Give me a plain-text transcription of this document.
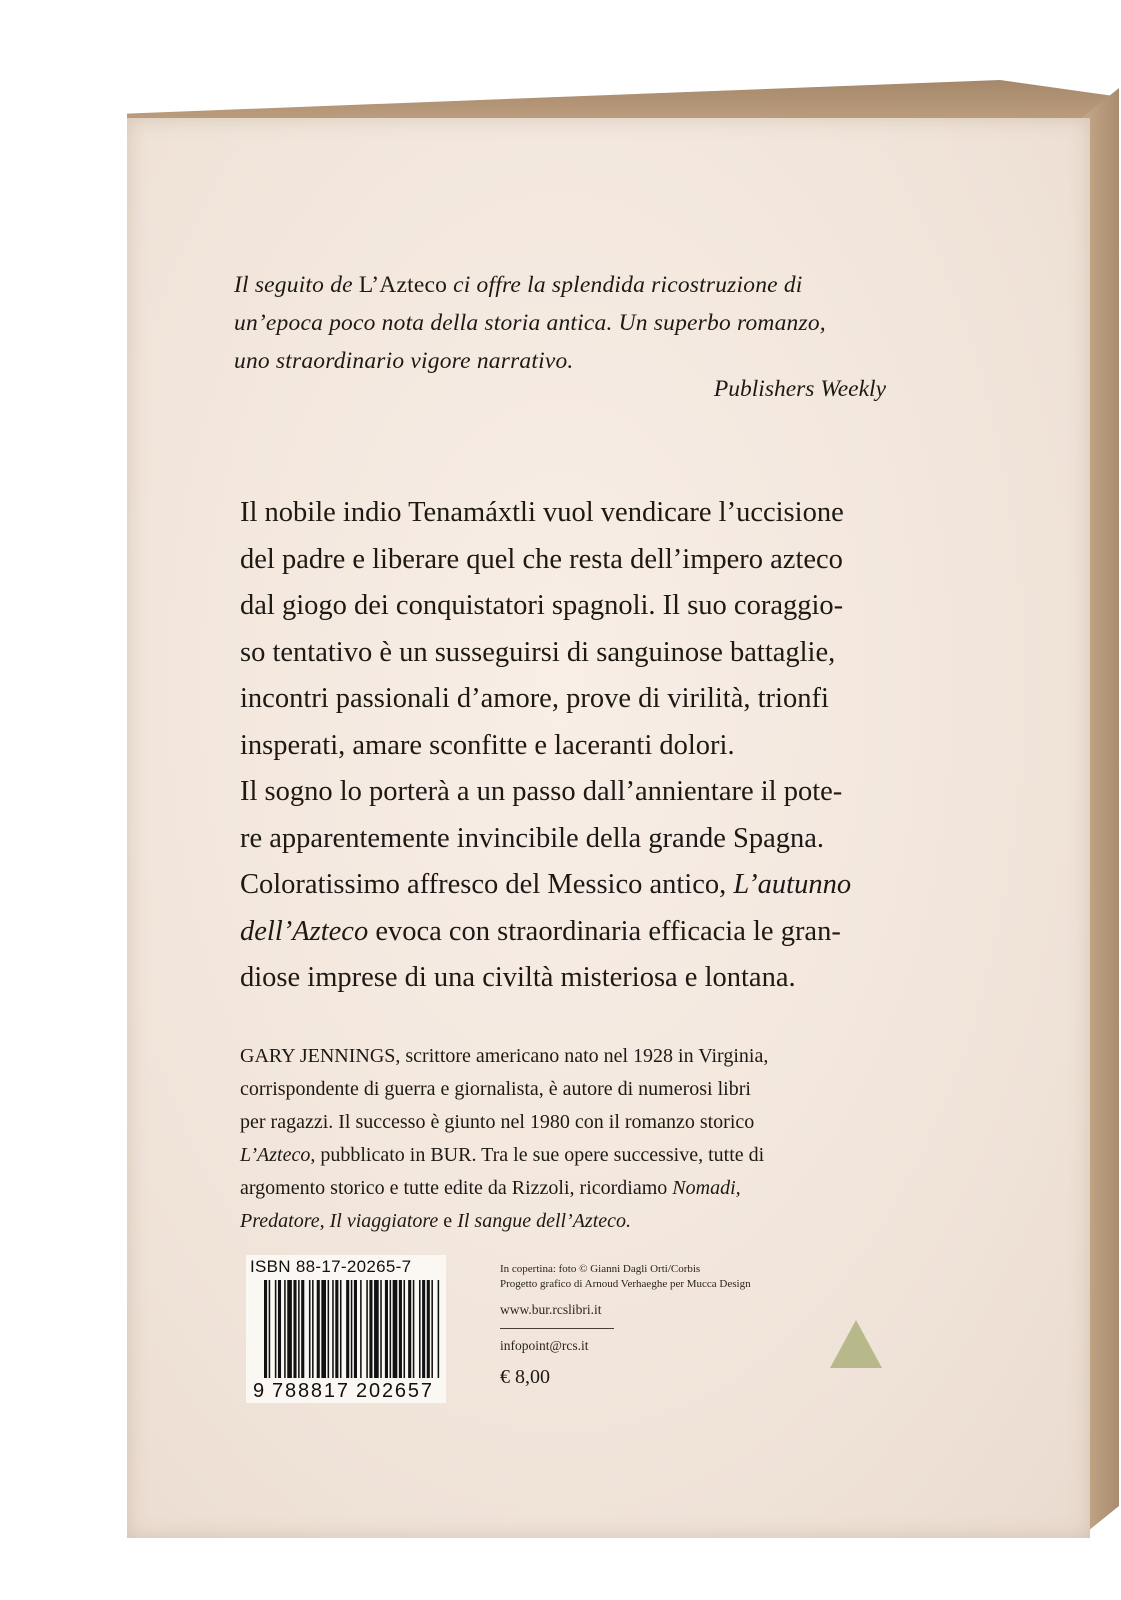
Il seguito de L’Azteco ci offre la splendida ricostruzione di
un’epoca poco nota della storia antica. Un superbo romanzo,
uno straordinario vigore narrativo.
Publishers Weekly
Il nobile indio Tenamáxtli vuol vendicare l’uccisione
del padre e liberare quel che resta dell’impero azteco
dal giogo dei conquistatori spagnoli. Il suo coraggio-
so tentativo è un susseguirsi di sanguinose battaglie,
incontri passionali d’amore, prove di virilità, trionfi
insperati, amare sconfitte e laceranti dolori.
Il sogno lo porterà a un passo dall’annientare il pote-
re apparentemente invincibile della grande Spagna.
Coloratissimo affresco del Messico antico, L’autunno
dell’Azteco evoca con straordinaria efficacia le gran-
diose imprese di una civiltà misteriosa e lontana.
GARY JENNINGS, scrittore americano nato nel 1928 in Virginia,
corrispondente di guerra e giornalista, è autore di numerosi libri
per ragazzi. Il successo è giunto nel 1980 con il romanzo storico
L’Azteco, pubblicato in BUR. Tra le sue opere successive, tutte di
argomento storico e tutte edite da Rizzoli, ricordiamo Nomadi,
Predatore, Il viaggiatore e Il sangue dell’Azteco.
ISBN 88-17-20265-7
9 788817 202657
In copertina: foto © Gianni Dagli Orti/Corbis
Progetto grafico di Arnoud Verhaeghe per Mucca Design
www.bur.rcslibri.it
infopoint@rcs.it
€ 8,00
